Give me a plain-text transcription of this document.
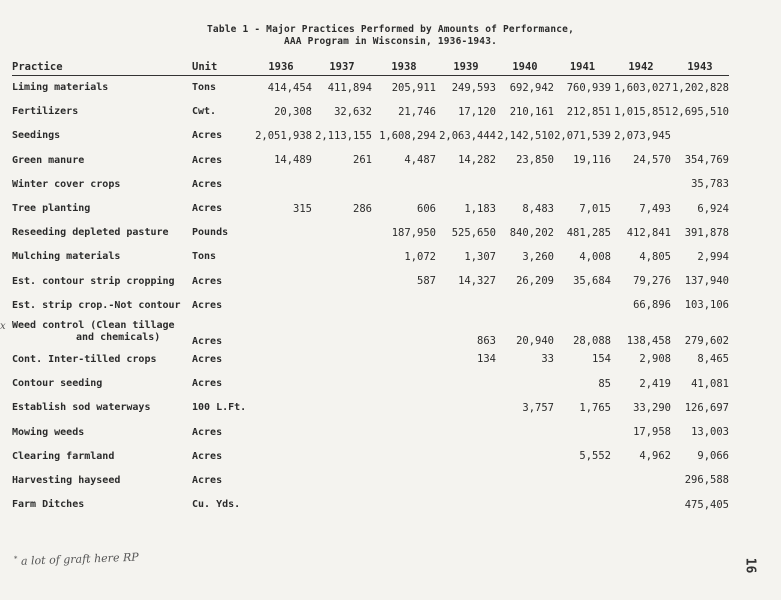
Table 1 - Major Practices Performed by Amounts of Performance,
AAA Program in Wisconsin, 1936-1943.
Practice	Unit	1936	1937	1938	1939	1940	1941	1942	1943
Liming materials	Tons	414,454	411,894	205,911	249,593	692,942	760,939	1,603,027	1,202,828
Fertilizers	Cwt.	20,308	32,632	21,746	17,120	210,161	212,851	1,015,851	2,695,510
Seedings	Acres	2,051,938	2,113,155	1,608,294	2,063,444	2,142,510	2,071,539	2,073,945	
Green manure	Acres	14,489	261	4,487	14,282	23,850	19,116	24,570	354,769
Winter cover crops	Acres								35,783
Tree planting	Acres	315	286	606	1,183	8,483	7,015	7,493	6,924
Reseeding depleted pasture	Pounds			187,950	525,650	840,202	481,285	412,841	391,878
Mulching materials	Tons			1,072	1,307	3,260	4,008	4,805	2,994
Est. contour strip cropping	Acres			587	14,327	26,209	35,684	79,276	137,940
Est. strip crop.-Not contour	Acres							66,896	103,106
Weed control (Clean tillage
and chemicals)	Acres				863	20,940	28,088	138,458	279,602
Cont. Inter-tilled crops	Acres				134	33	154	2,908	8,465
Contour seeding	Acres						85	2,419	41,081
Establish sod waterways	100 L.Ft.					3,757	1,765	33,290	126,697
Mowing weeds	Acres							17,958	13,003
Clearing farmland	Acres						5,552	4,962	9,066
Harvesting hayseed	Acres								296,588
Farm Ditches	Cu. Yds.								475,405
x
* a lot of graft here RP	16
